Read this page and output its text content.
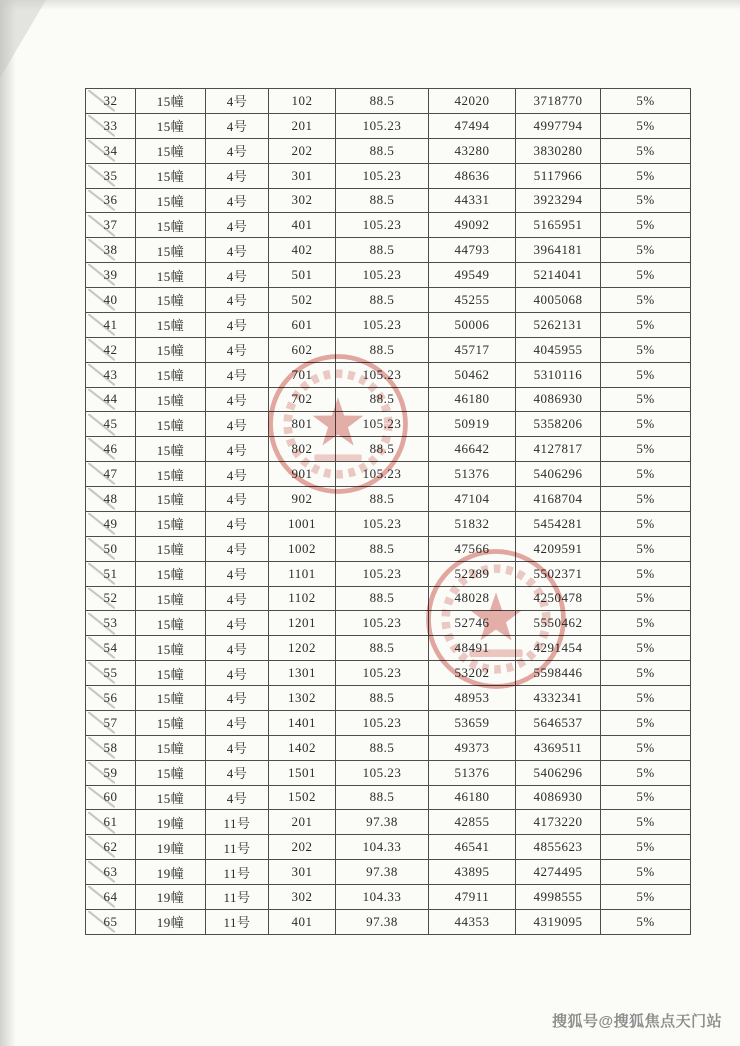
32	15幢	4号	102	88.5	42020	3718770	5%
33	15幢	4号	201	105.23	47494	4997794	5%
34	15幢	4号	202	88.5	43280	3830280	5%
35	15幢	4号	301	105.23	48636	5117966	5%
36	15幢	4号	302	88.5	44331	3923294	5%
37	15幢	4号	401	105.23	49092	5165951	5%
38	15幢	4号	402	88.5	44793	3964181	5%
39	15幢	4号	501	105.23	49549	5214041	5%
40	15幢	4号	502	88.5	45255	4005068	5%
41	15幢	4号	601	105.23	50006	5262131	5%
42	15幢	4号	602	88.5	45717	4045955	5%
43	15幢	4号	701	105.23	50462	5310116	5%
44	15幢	4号	702	88.5	46180	4086930	5%
45	15幢	4号	801	105.23	50919	5358206	5%
46	15幢	4号	802	88.5	46642	4127817	5%
47	15幢	4号	901	105.23	51376	5406296	5%
48	15幢	4号	902	88.5	47104	4168704	5%
49	15幢	4号	1001	105.23	51832	5454281	5%
50	15幢	4号	1002	88.5	47566	4209591	5%
51	15幢	4号	1101	105.23	52289	5502371	5%
52	15幢	4号	1102	88.5	48028	4250478	5%
53	15幢	4号	1201	105.23	52746	5550462	5%
54	15幢	4号	1202	88.5	48491	4291454	5%
55	15幢	4号	1301	105.23	53202	5598446	5%
56	15幢	4号	1302	88.5	48953	4332341	5%
57	15幢	4号	1401	105.23	53659	5646537	5%
58	15幢	4号	1402	88.5	49373	4369511	5%
59	15幢	4号	1501	105.23	51376	5406296	5%
60	15幢	4号	1502	88.5	46180	4086930	5%
61	19幢	11号	201	97.38	42855	4173220	5%
62	19幢	11号	202	104.33	46541	4855623	5%
63	19幢	11号	301	97.38	43895	4274495	5%
64	19幢	11号	302	104.33	47911	4998555	5%
65	19幢	11号	401	97.38	44353	4319095	5%
搜狐号@搜狐焦点天门站
